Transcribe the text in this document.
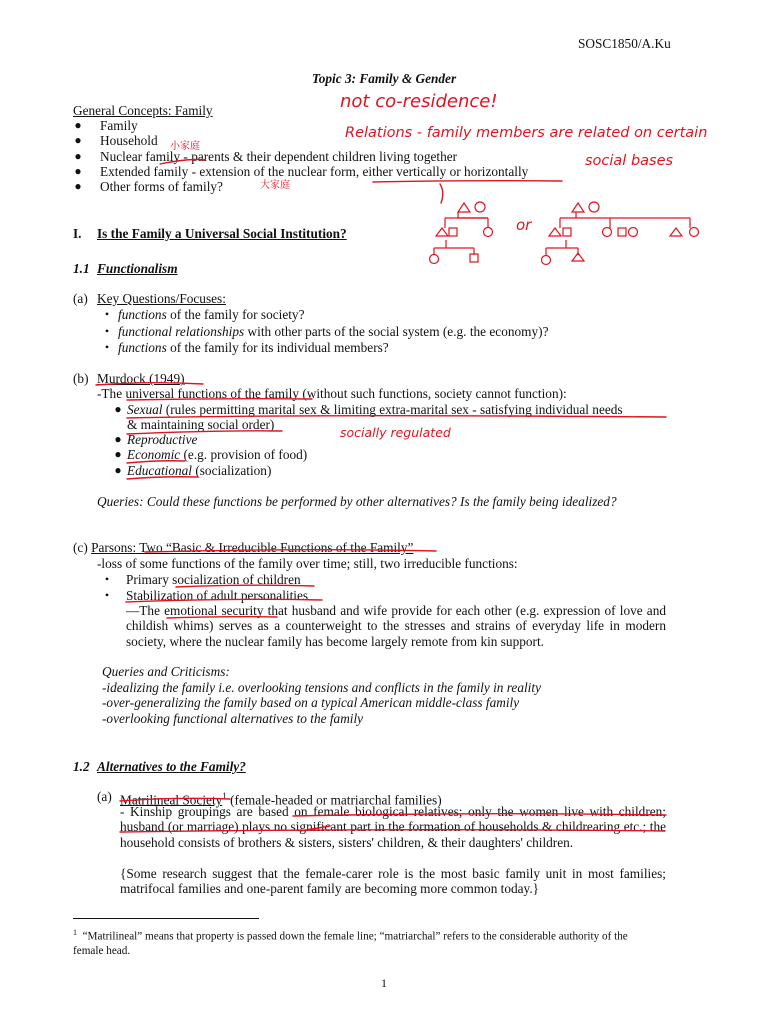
SOSC1850/A.Ku
Topic 3: Family & Gender
General Concepts: Family
● Family
● Household
● Nuclear family - parents & their dependent children living together
● Extended family - extension of the nuclear form, either vertically or horizontally
● Other forms of family?
I. Is the Family a Universal Social Institution?
1.1 Functionalism
(a) Key Questions/Focuses:
• functions of the family for society?
• functional relationships with other parts of the social system (e.g. the economy)?
• functions of the family for its individual members?
(b) Murdock (1949)
-The universal functions of the family (without such functions, society cannot function):
● Sexual (rules permitting marital sex & limiting extra-marital sex - satisfying individual needs
& maintaining social order)
● Reproductive
● Economic (e.g. provision of food)
● Educational (socialization)
Queries: Could these functions be performed by other alternatives? Is the family being idealized?
(c) Parsons: Two “Basic & Irreducible Functions of the Family”
-loss of some functions of the family over time; still, two irreducible functions:
• Primary socialization of children
• Stabilization of adult personalities
—The emotional security that husband and wife provide for each other (e.g. expression of love and childish whims) serves as a counterweight to the stresses and strains of everyday life in modern society, where the nuclear family has become largely remote from kin support.
Queries and Criticisms:
-idealizing the family i.e. overlooking tensions and conflicts in the family in reality
-over-generalizing the family based on a typical American middle-class family
-overlooking functional alternatives to the family
1.2 Alternatives to the Family?
(a) Matrilineal Society$^1$ (female-headed or matriarchal families)
- Kinship groupings are based on female biological relatives; only the women live with children; husband (or marriage) plays no significant part in the formation of households & childrearing etc.; the household consists of brothers & sisters, sisters' children, & their daughters' children.
{Some research suggest that the female-carer role is the most basic family unit in most families; matrifocal families and one-parent family are becoming more common today.}
$^1$ “Matrilineal” means that property is passed down the female line; “matriarchal” refers to the considerable authority of the female head.
1
not co-residence!
Relations - family members are related on certain
social bases
or
socially regulated
小家庭
大家庭
